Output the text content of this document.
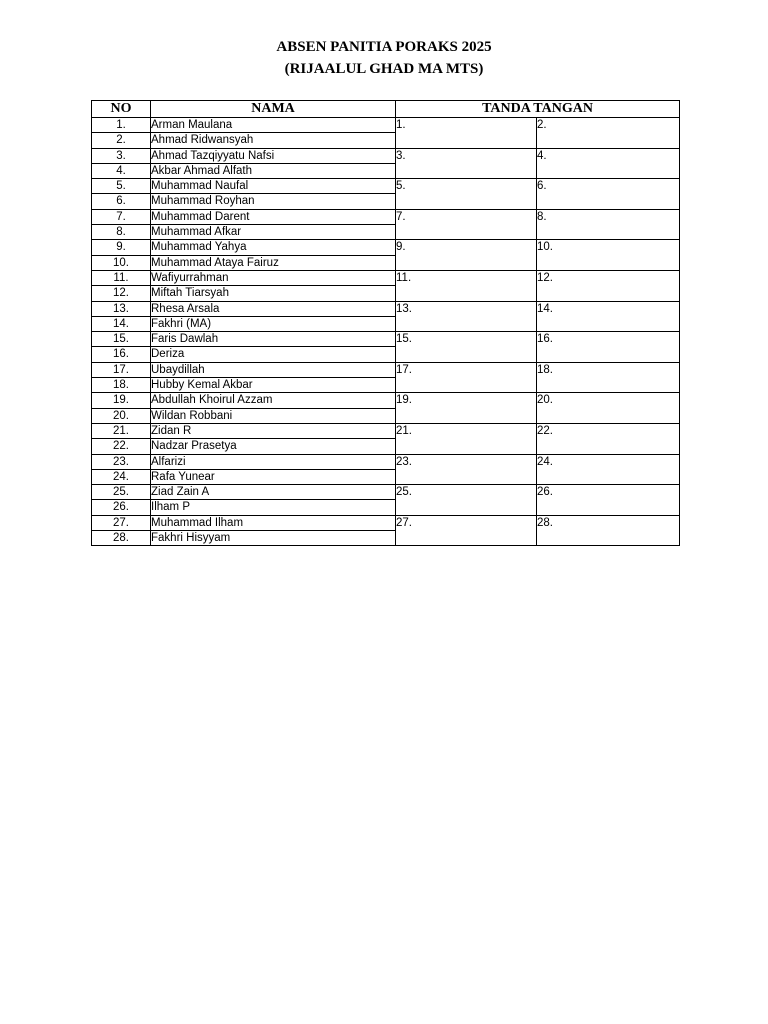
ABSEN PANITIA PORAKS 2025
(RIJAALUL GHAD MA MTS)
NO	NAMA	TANDA TANGAN	
1.	Arman Maulana	1.	2.
2.	Ahmad Ridwansyah		
3.	Ahmad Tazqiyyatu Nafsi	3.	4.
4.	Akbar Ahmad Alfath		
5.	Muhammad Naufal	5.	6.
6.	Muhammad Royhan		
7.	Muhammad Darent	7.	8.
8.	Muhammad Afkar		
9.	Muhammad Yahya	9.	10.
10.	Muhammad Ataya Fairuz		
11.	Wafiyurrahman	11.	12.
12.	Miftah Tiarsyah		
13.	Rhesa Arsala	13.	14.
14.	Fakhri (MA)		
15.	Faris Dawlah	15.	16.
16.	Deriza		
17.	Ubaydillah	17.	18.
18.	Hubby Kemal Akbar		
19.	Abdullah Khoirul Azzam	19.	20.
20.	Wildan Robbani		
21.	Zidan R	21.	22.
22.	Nadzar Prasetya		
23.	Alfarizi	23.	24.
24.	Rafa Yunear		
25.	Ziad Zain A	25.	26.
26.	Ilham P		
27.	Muhammad Ilham	27.	28.
28.	Fakhri Hisyyam		
